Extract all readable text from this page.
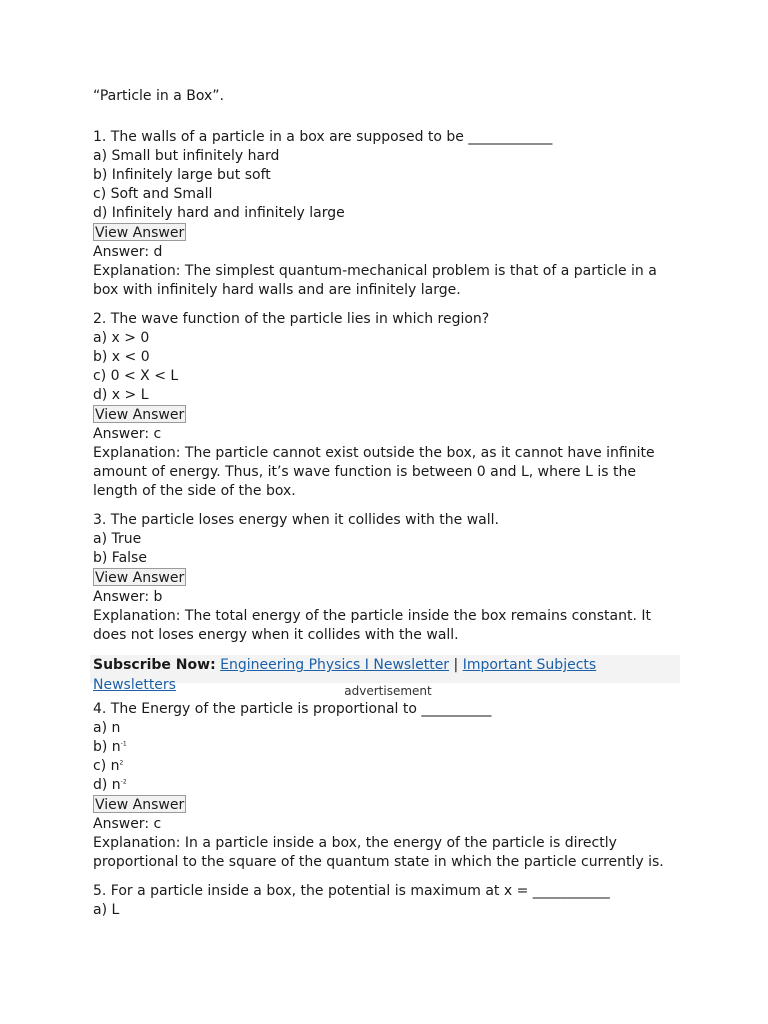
“Particle in a Box”.
1. The walls of a particle in a box are supposed to be ____________
a) Small but infinitely hard
b) Infinitely large but soft
c) Soft and Small
d) Infinitely hard and infinitely large
View Answer
Answer: d
Explanation: The simplest quantum-mechanical problem is that of a particle in a box with infinitely hard walls and are infinitely large.
2. The wave function of the particle lies in which region?
a) x > 0
b) x < 0
c) 0 < X < L
d) x > L
View Answer
Answer: c
Explanation: The particle cannot exist outside the box, as it cannot have infinite amount of energy. Thus, it’s wave function is between 0 and L, where L is the length of the side of the box.
3. The particle loses energy when it collides with the wall.
a) True
b) False
View Answer
Answer: b
Explanation: The total energy of the particle inside the box remains constant. It does not loses energy when it collides with the wall.
Subscribe Now: Engineering Physics I Newsletter | Important Subjects Newsletters	advertisement
4. The Energy of the particle is proportional to __________
a) n
b) $n^{-1}$
c) $n^2$
d) $n^{-2}$
View Answer
Answer: c
Explanation: In a particle inside a box, the energy of the particle is directly proportional to the square of the quantum state in which the particle currently is.
5. For a particle inside a box, the potential is maximum at x = ___________
a) L
